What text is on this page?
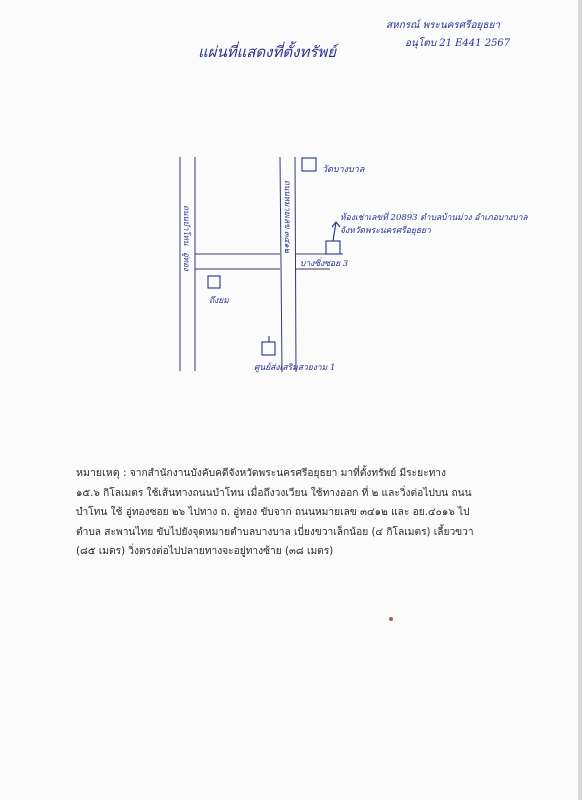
สหกรณ์ พระนครศรีอยุธยา
อนุโตบ 21 E441 2567
แผ่นที่แสดงที่ตั้งทรัพย์
วัดบางบาล
ห้องเช่าเลขที่ 20893 ตำบลบ้านม่วง อำเภอบางบาล จังหวัดพระนครศรีอยุธยา
บางซิ่งซอย 3
ถึงยม
ศูนย์ส่งเสริมสวยงาม 1
ถนนบำโทน
อู่ทอง
ถนนหมายเลข ๓๔๑๒
หมายเหตุ : จากสำนักงานบังคับคดีจังหวัดพระนครศรีอยุธยา มาที่ตั้งทรัพย์ มีระยะทาง
๑๕.๖ กิโลเมตร ใช้เส้นทางถนนบำโทน เมื่อถึงวงเวียน ใช้ทางออก ที่ ๒ และวิ่งต่อไปบน ถนน
บำโทน ใช้ อู่ทองซอย ๒๖ ไปทาง ถ. อู่ทอง ขับจาก ถนนหมายเลข ๓๔๑๒ และ อย.๔๐๑๖ ไป
ตำบล สะพานไทย ขับไปยังจุดหมายตำบลบางบาล เบี่ยงขวาเล็กน้อย (๔ กิโลเมตร) เลี้ยวขวา
(๘๕ เมตร) วิ่งตรงต่อไปปลายทางจะอยู่ทางซ้าย (๓๘ เมตร)
